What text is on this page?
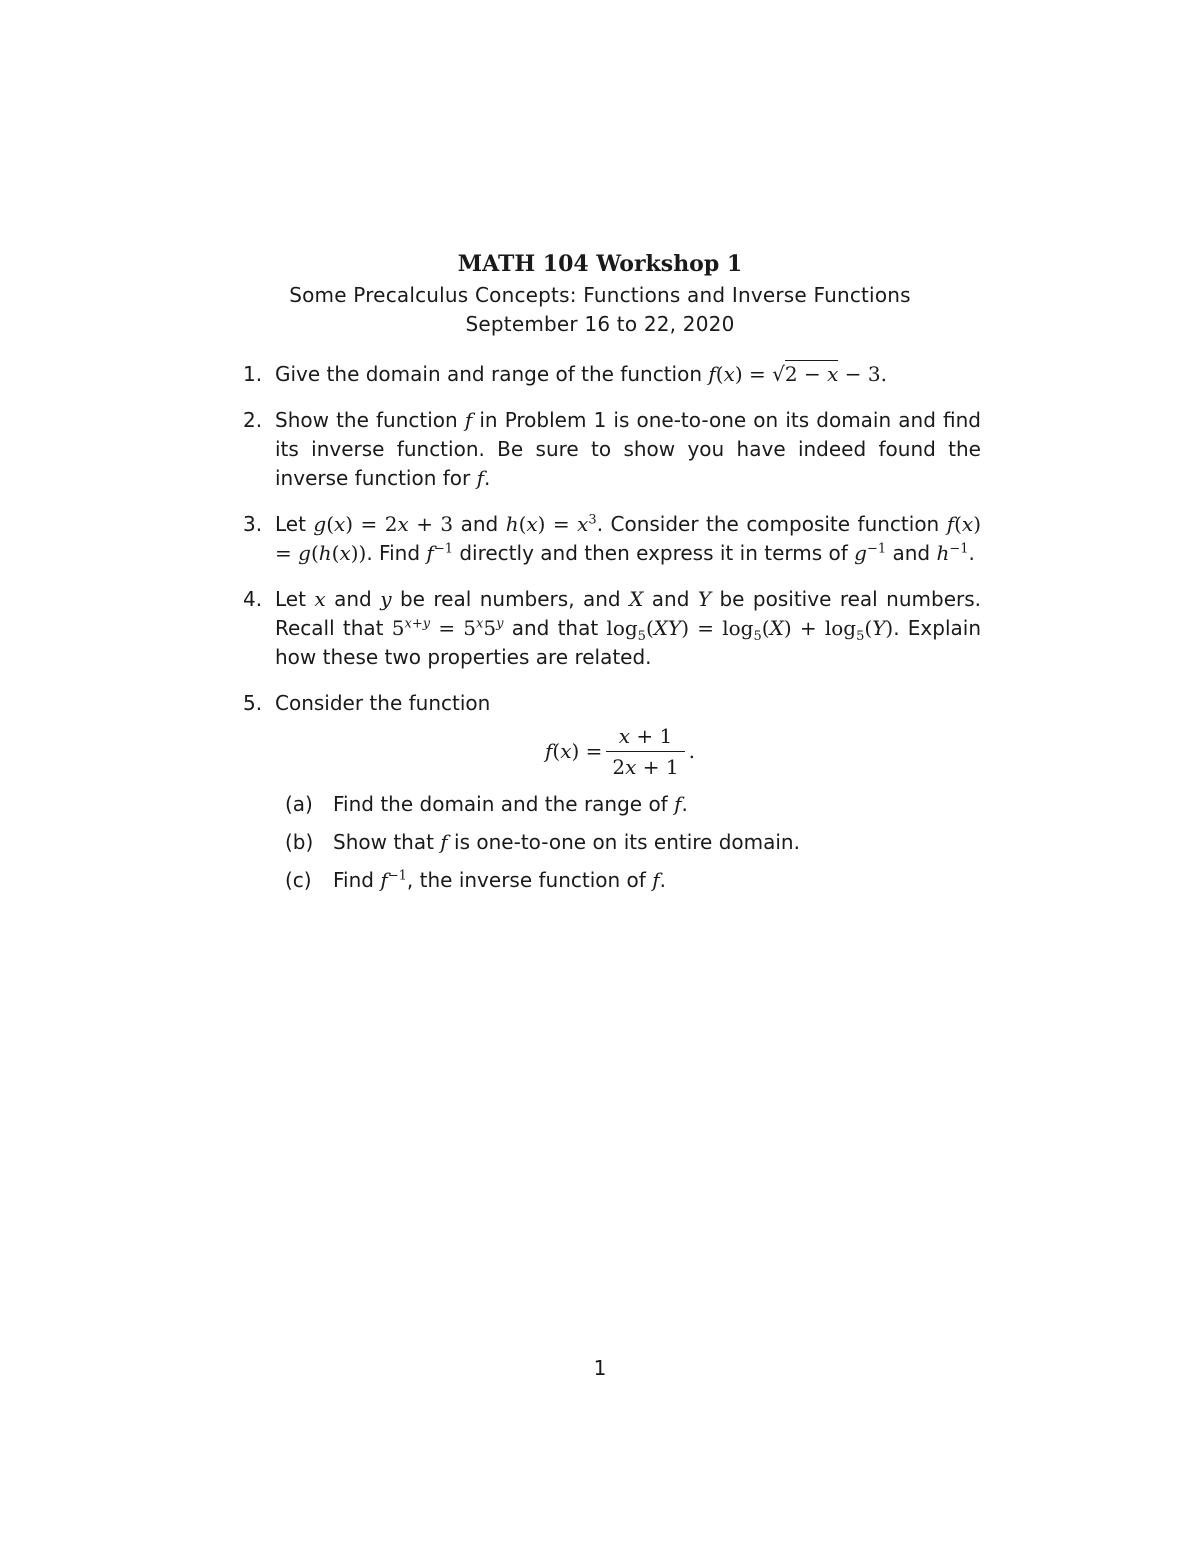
MATH 104 Workshop 1
Some Precalculus Concepts: Functions and Inverse Functions
September 16 to 22, 2020
1. Give the domain and range of the function f(x) = √2 − x − 3.
2. Show the function f in Problem 1 is one-to-one on its domain and find its inverse function. Be sure to show you have indeed found the inverse function for f.
3. Let g(x) = 2x + 3 and $h(x) = x^3$. Consider the composite function f(x) = g(h(x)). Find $f^{-1}$ directly and then express it in terms of $g^{-1}$ and $h^{-1}$.
4. Let x and y be real numbers, and X and Y be positive real numbers. Recall that $5^{x+y} = 5^x5^y$ and that $\log_5(XY) = \log_5(X) + \log_5(Y)$. Explain how these two properties are related.
5. Consider the function
f ( x ) = $\frac{x + 1}{2x + 1}$ .
(a) Find the domain and the range of f.
(b) Show that f is one-to-one on its entire domain.
(c) Find $f^{-1}$, the inverse function of f.
1
